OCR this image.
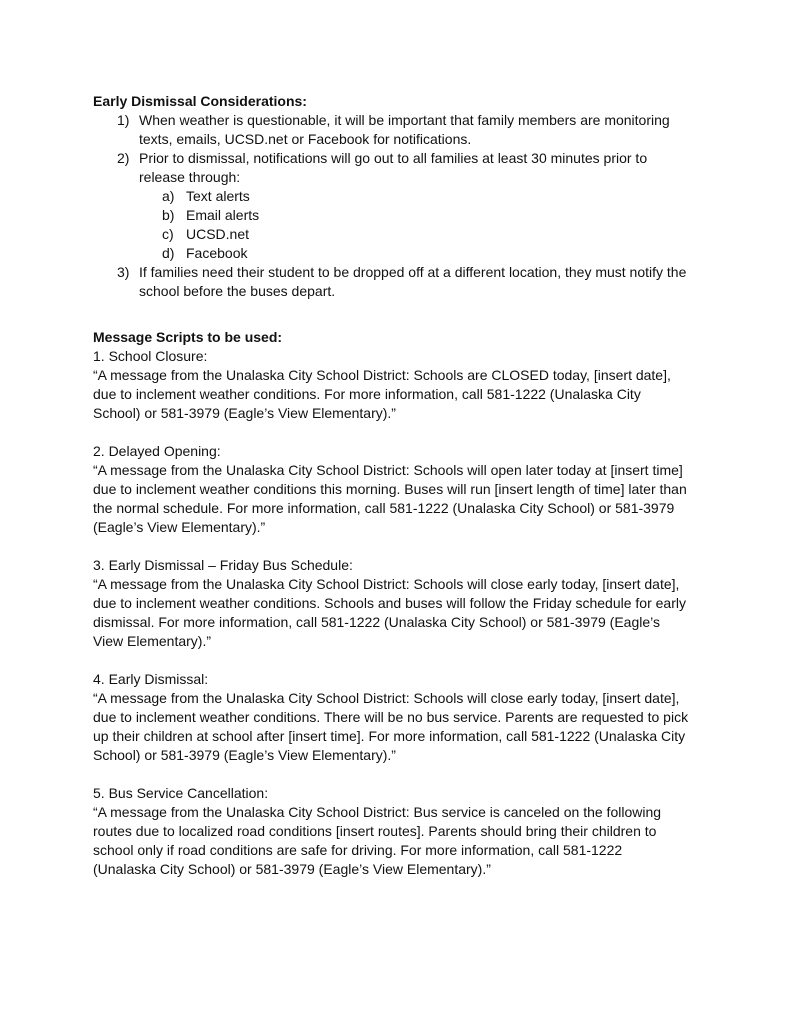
Early Dismissal Considerations:
1) When weather is questionable, it will be important that family members are monitoring
texts, emails, UCSD.net or Facebook for notifications.
2) Prior to dismissal, notifications will go out to all families at least 30 minutes prior to
release through:
a) Text alerts
b) Email alerts
c) UCSD.net
d) Facebook
3) If families need their student to be dropped off at a different location, they must notify the
school before the buses depart.
Message Scripts to be used:
1. School Closure:
“A message from the Unalaska City School District: Schools are CLOSED today, [insert date],
due to inclement weather conditions. For more information, call 581-1222 (Unalaska City
School) or 581-3979 (Eagle’s View Elementary).”
2. Delayed Opening:
“A message from the Unalaska City School District: Schools will open later today at [insert time]
due to inclement weather conditions this morning. Buses will run [insert length of time] later than
the normal schedule. For more information, call 581-1222 (Unalaska City School) or 581-3979
(Eagle’s View Elementary).”
3. Early Dismissal – Friday Bus Schedule:
“A message from the Unalaska City School District: Schools will close early today, [insert date],
due to inclement weather conditions. Schools and buses will follow the Friday schedule for early
dismissal. For more information, call 581-1222 (Unalaska City School) or 581-3979 (Eagle’s
View Elementary).”
4. Early Dismissal:
“A message from the Unalaska City School District: Schools will close early today, [insert date],
due to inclement weather conditions. There will be no bus service. Parents are requested to pick
up their children at school after [insert time]. For more information, call 581-1222 (Unalaska City
School) or 581-3979 (Eagle’s View Elementary).”
5. Bus Service Cancellation:
“A message from the Unalaska City School District: Bus service is canceled on the following
routes due to localized road conditions [insert routes]. Parents should bring their children to
school only if road conditions are safe for driving. For more information, call 581-1222
(Unalaska City School) or 581-3979 (Eagle’s View Elementary).”
